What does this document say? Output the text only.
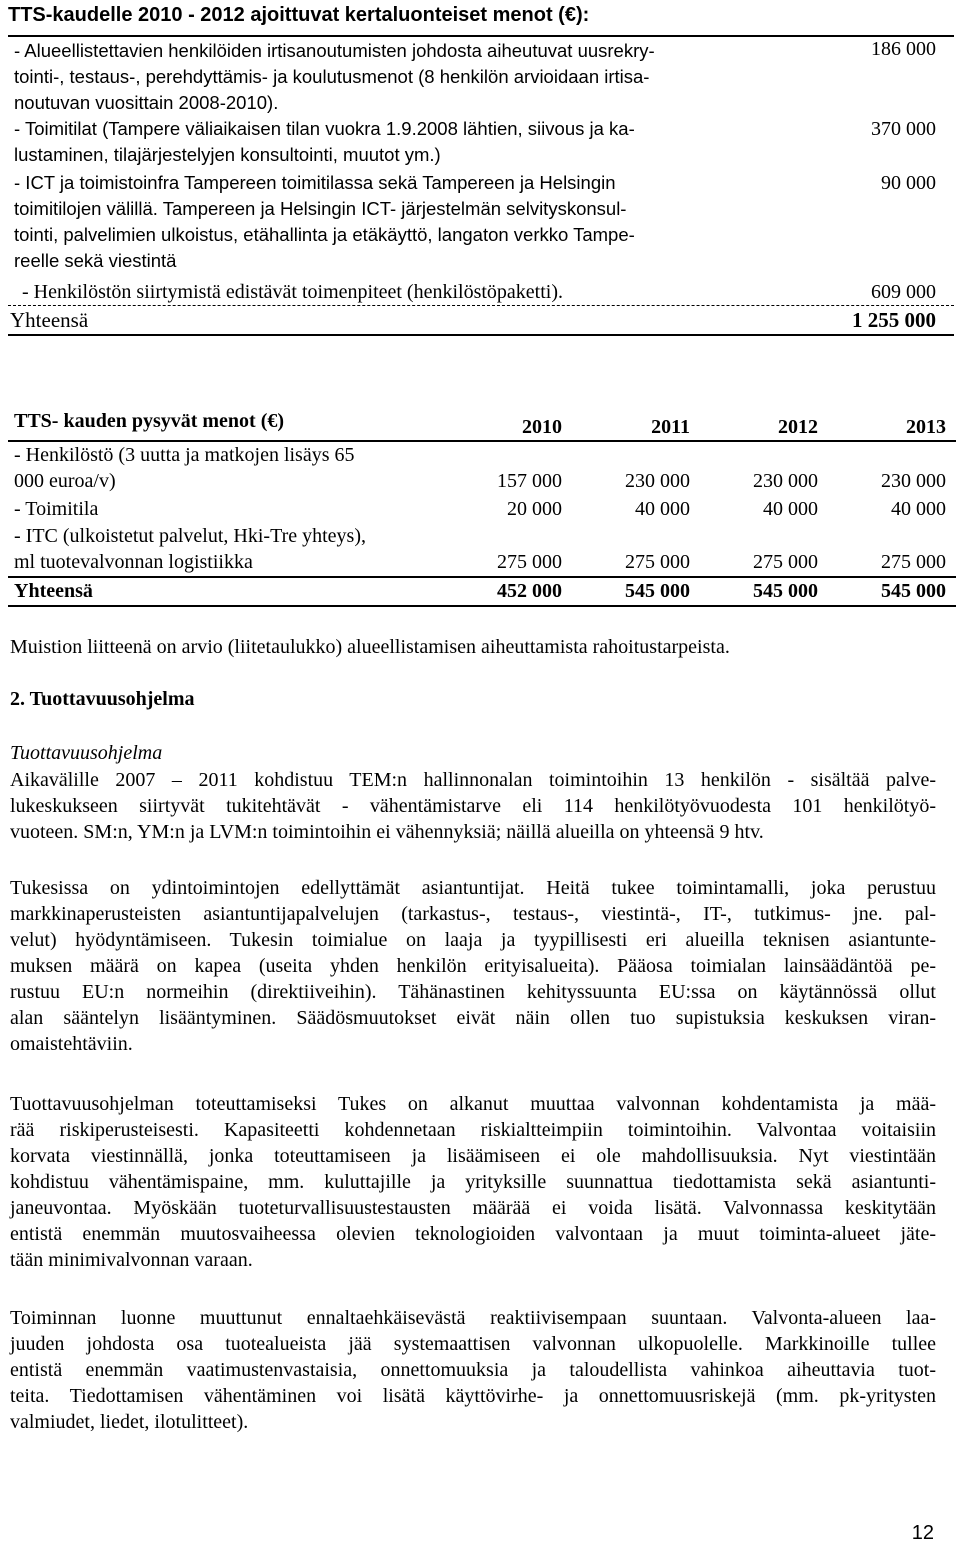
TTS-kaudelle 2010 - 2012 ajoittuvat kertaluonteiset menot (€):
- Alueellistettavien henkilöiden irtisanoutumisten johdosta aiheutuvat uusrekry-
tointi-, testaus-, perehdyttämis- ja koulutusmenot (8 henkilön arvioidaan irtisa-
noutuvan vuosittain 2008-2010).
186 000
- Toimitilat (Tampere väliaikaisen tilan vuokra 1.9.2008 lähtien, siivous ja ka-
lustaminen, tilajärjestelyjen konsultointi, muutot ym.)
370 000
- ICT ja toimistoinfra Tampereen toimitilassa sekä Tampereen ja Helsingin
toimitilojen välillä. Tampereen ja Helsingin ICT- järjestelmän selvityskonsul-
tointi, palvelimien ulkoistus, etähallinta ja etäkäyttö, langaton verkko Tampe-
reelle sekä viestintä
90 000
- Henkilöstön siirtymistä edistävät toimenpiteet (henkilöstöpaketti).	609 000
Yhteensä	1 255 000
TTS- kauden pysyvät menot (€)	2010	2011	2012	2013
- Henkilöstö (3 uutta ja matkojen lisäys 65
000 euroa/v)	157 000	230 000	230 000	230 000
- Toimitila	20 000	40 000	40 000	40 000
- ITC (ulkoistetut palvelut, Hki-Tre yhteys),
ml tuotevalvonnan logistiikka	275 000	275 000	275 000	275 000
Yhteensä	452 000	545 000	545 000	545 000
Muistion liitteenä on arvio (liitetaulukko) alueellistamisen aiheuttamista rahoitustarpeista.
2. Tuottavuusohjelma
Tuottavuusohjelma
Aikavälille 2007 – 2011 kohdistuu TEM:n hallinnonalan toimintoihin 13 henkilön - sisältää palve-
lukeskukseen siirtyvät tukitehtävät - vähentämistarve eli 114 henkilötyövuodesta 101 henkilötyö-
vuoteen. SM:n, YM:n ja LVM:n toimintoihin ei vähennyksiä; näillä alueilla on yhteensä 9 htv.
Tukesissa on ydintoimintojen edellyttämät asiantuntijat. Heitä tukee toimintamalli, joka perustuu
markkinaperusteisten asiantuntijapalvelujen (tarkastus-, testaus-, viestintä-, IT-, tutkimus- jne. pal-
velut) hyödyntämiseen. Tukesin toimialue on laaja ja tyypillisesti eri alueilla teknisen asiantunte-
muksen määrä on kapea (useita yhden henkilön erityisalueita). Pääosa toimialan lainsäädäntöä pe-
rustuu EU:n normeihin (direktiiveihin). Tähänastinen kehityssuunta EU:ssa on käytännössä ollut
alan sääntelyn lisääntyminen. Säädösmuutokset eivät näin ollen tuo supistuksia keskuksen viran-
omaistehtäviin.
Tuottavuusohjelman toteuttamiseksi Tukes on alkanut muuttaa valvonnan kohdentamista ja mää-
rää riskiperusteisesti. Kapasiteetti kohdennetaan riskialtteimpiin toimintoihin. Valvontaa voitaisiin
korvata viestinnällä, jonka toteuttamiseen ja lisäämiseen ei ole mahdollisuuksia. Nyt viestintään
kohdistuu vähentämispaine, mm. kuluttajille ja yrityksille suunnattua tiedottamista sekä asiantunti-
janeuvontaa. Myöskään tuoteturvallisuustestausten määrää ei voida lisätä. Valvonnassa keskitytään
entistä enemmän muutosvaiheessa olevien teknologioiden valvontaan ja muut toiminta-alueet jäte-
tään minimivalvonnan varaan.
Toiminnan luonne muuttunut ennaltaehkäisevästä reaktiivisempaan suuntaan. Valvonta-alueen laa-
juuden johdosta osa tuotealueista jää systemaattisen valvonnan ulkopuolelle. Markkinoille tullee
entistä enemmän vaatimustenvastaisia, onnettomuuksia ja taloudellista vahinkoa aiheuttavia tuot-
teita. Tiedottamisen vähentäminen voi lisätä käyttövirhe- ja onnettomuusriskejä (mm. pk-yritysten
valmiudet, liedet, ilotulitteet).
12
